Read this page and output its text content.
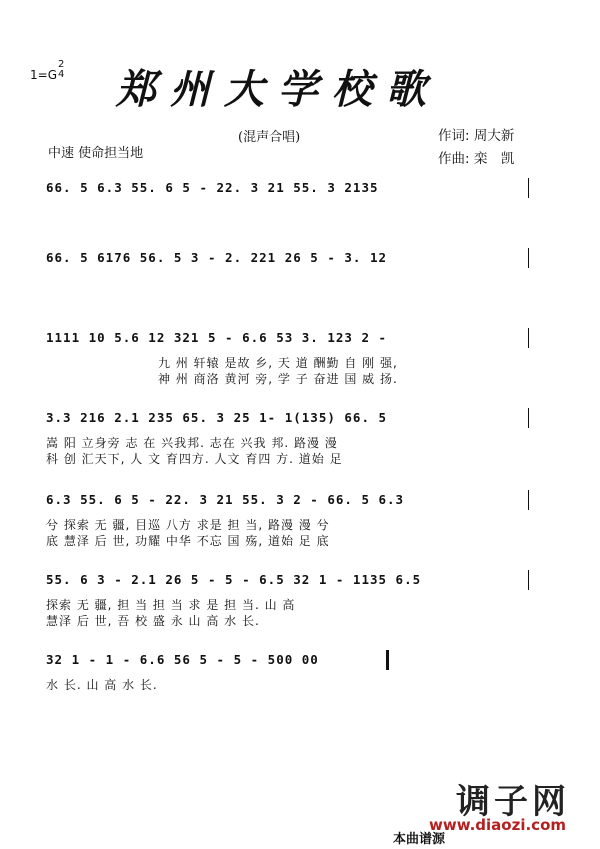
1=G
2
4 郑州大学校歌
(混声合唱)	作词: 周大新
作曲: 栾　凯
中速 使命担当地
66. 5 6.3 55. 6 5 - 22. 3 21 55. 3 2135
66. 5 6176 56. 5 3 - 2. 221 26 5 - 3. 12
1111 10 5.6 12 321 5 - 6.6 53 3. 123 2 -
九 州 轩辕 是故 乡, 天 道 酬勤 自 刚 强,
神 州 商洛 黄河 旁, 学 子 奋进 国 威 扬.
3.3 216 2.1 235 65. 3 25 1- 1(135) 66. 5
嵩 阳 立身旁 志 在 兴我邦. 志在 兴我 邦. 路漫 漫
科 创 汇天下, 人 文 育四方. 人文 育四 方. 道始 足
6.3 55. 6 5 - 22. 3 21 55. 3 2 - 66. 5 6.3
兮 探索 无 疆, 目巡 八方 求是 担 当, 路漫 漫 兮
底 慧泽 后 世, 功耀 中华 不忘 国 殇, 道始 足 底
55. 6 3 - 2.1 26 5 - 5 - 6.5 32 1 - 1135 6.5
探索 无 疆, 担 当 担 当 求 是 担 当. 山 高
慧泽 后 世, 吾 校 盛 永 山 高 水 长.
32 1 - 1 - 6.6 56 5 - 5 - 500 00
水 长. 山 高 水 长.
调子网
www.diaozi.com
本曲谱源
